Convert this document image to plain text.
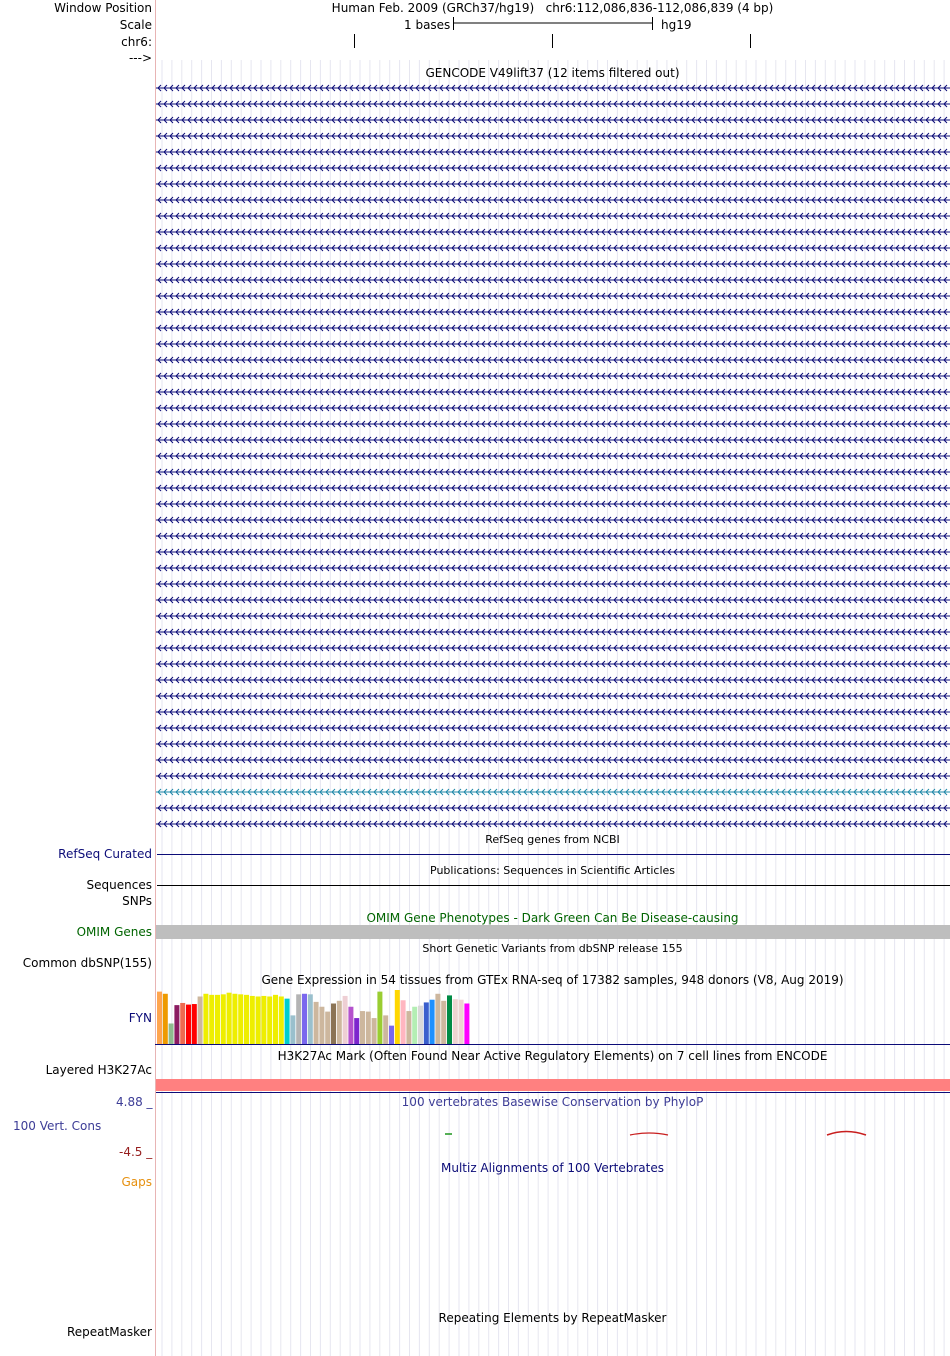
Window Position	Human Feb. 2009 (GRCh37/hg19)   chr6:112,086,836-112,086,839 (4 bp)
Scale	1 bases	hg19
chr6:
--->
GENCODE V49lift37 (12 items filtered out)
RefSeq genes from NCBI
RefSeq Curated
Publications: Sequences in Scientific Articles
Sequences
SNPs
OMIM Gene Phenotypes - Dark Green Can Be Disease-causing
OMIM Genes
Short Genetic Variants from dbSNP release 155
Common dbSNP(155)
Gene Expression in 54 tissues from GTEx RNA-seq of 17382 samples, 948 donors (V8, Aug 2019)
FYN
H3K27Ac Mark (Often Found Near Active Regulatory Elements) on 7 cell lines from ENCODE
Layered H3K27Ac
4.88 _	100 vertebrates Basewise Conservation by PhyloP
100 Vert. Cons
-4.5 _
Multiz Alignments of 100 Vertebrates
Gaps
Repeating Elements by RepeatMasker
RepeatMasker
